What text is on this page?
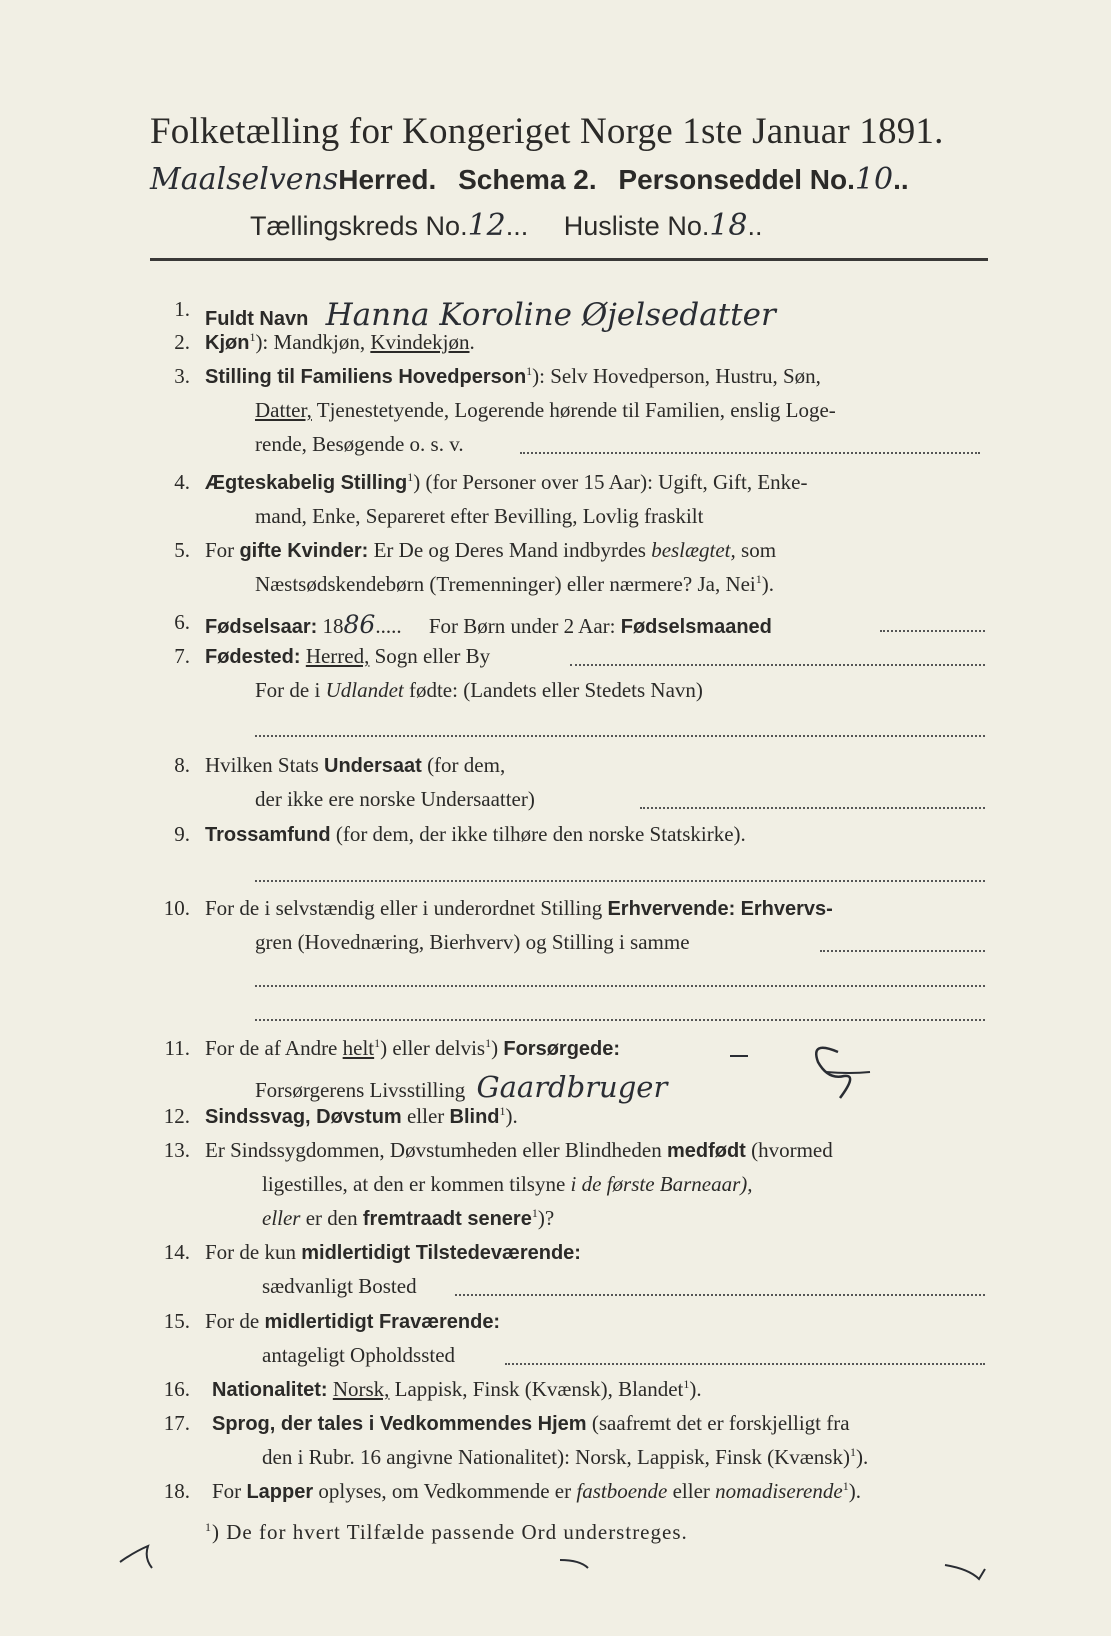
Folketælling for Kongeriget Norge 1ste Januar 1891.
MaalselvensHerred. Schema 2. Personseddel No.10..
Tællingskreds No.12... Husliste No.18..
1. Fuldt Navn Hanna Koroline Øjelsedatter
2. Kjøn$^1$): Mandkjøn, Kvindekjøn.
3. Stilling til Familiens Hovedperson$^1$): Selv Hovedperson, Hustru, Søn,
Datter, Tjenestetyende, Logerende hørende til Familien, enslig Loge-
rende, Besøgende o. s. v.
4. Ægteskabelig Stilling$^1$) (for Personer over 15 Aar): Ugift, Gift, Enke-
mand, Enke, Separeret efter Bevilling, Lovlig fraskilt
5. For gifte Kvinder: Er De og Deres Mand indbyrdes beslægtet, som
Næstsødskendebørn (Tremenninger) eller nærmere? Ja, Nei$^1$).
6. Fødselsaar: 1886..... For Børn under 2 Aar: Fødselsmaaned
7. Fødested: Herred, Sogn eller By
For de i Udlandet fødte: (Landets eller Stedets Navn)
8. Hvilken Stats Undersaat (for dem,
der ikke ere norske Undersaatter)
9. Trossamfund (for dem, der ikke tilhøre den norske Statskirke).
10. For de i selvstændig eller i underordnet Stilling Erhvervende: Erhvervs-
gren (Hovednæring, Bierhverv) og Stilling i samme
11. For de af Andre helt$^1$) eller delvis$^1$) Forsørgede:
Forsørgerens Livsstilling Gaardbruger
12. Sindssvag, Døvstum eller Blind$^1$).
13. Er Sindssygdommen, Døvstumheden eller Blindheden medfødt (hvormed
ligestilles, at den er kommen tilsyne i de første Barneaar),
eller er den fremtraadt senere$^1$)?
14. For de kun midlertidigt Tilstedeværende:
sædvanligt Bosted
15. For de midlertidigt Fraværende:
antageligt Opholdssted
16. Nationalitet: Norsk, Lappisk, Finsk (Kvænsk), Blandet$^1$).
17. Sprog, der tales i Vedkommendes Hjem (saafremt det er forskjelligt fra
den i Rubr. 16 angivne Nationalitet): Norsk, Lappisk, Finsk (Kvænsk)$^1$).
18. For Lapper oplyses, om Vedkommende er fastboende eller nomadiserende$^1$).
$^1$) De for hvert Tilfælde passende Ord understreges.
